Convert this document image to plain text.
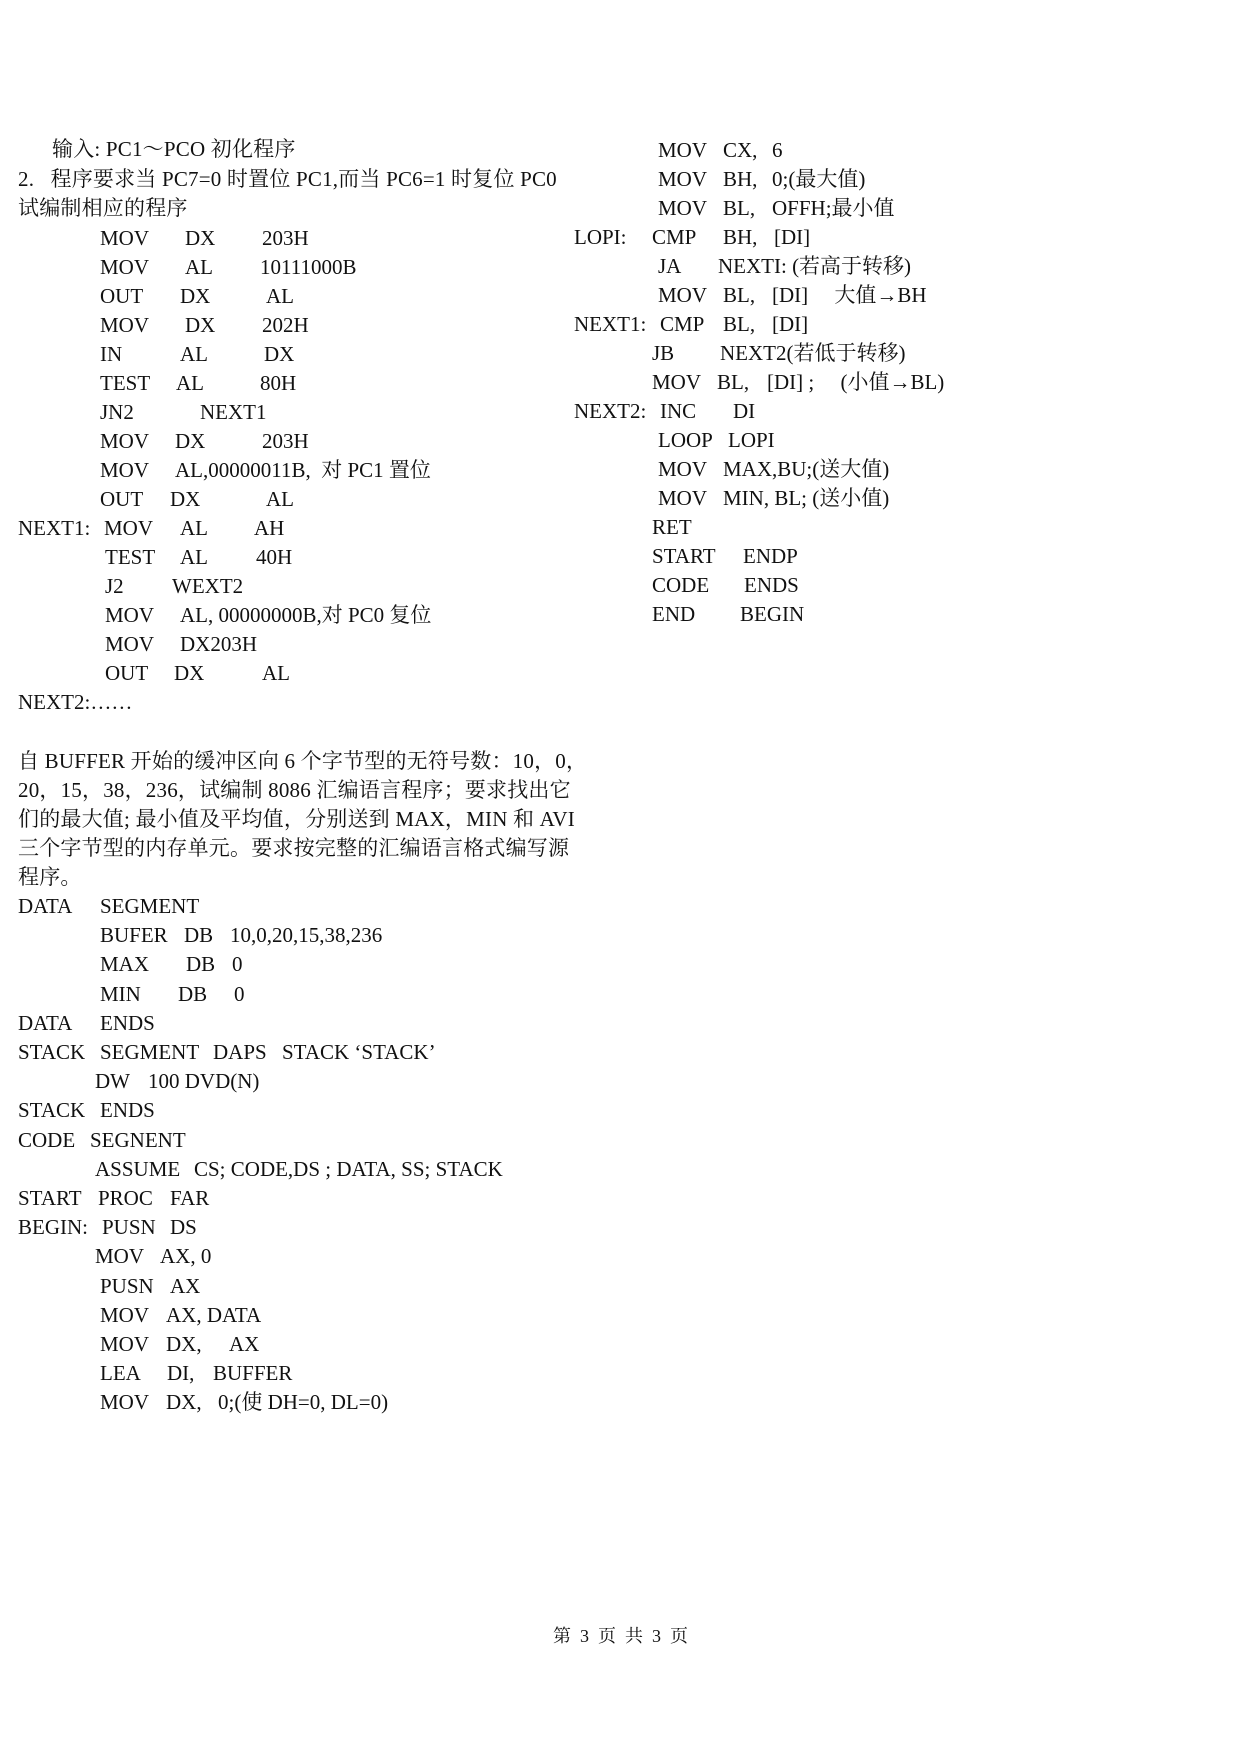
输入: PC1～PCO 初化程序
2.   程序要求当 PC7=0 时置位 PC1,而当 PC6=1 时复位 PC0
试编制相应的程序
MOV DX 203H
MOV AL 10111000B
OUT DX	AL
MOV DX 202H
IN	AL	DX
TEST AL	80H
JN2	NEXT1
MOV DX	203H
MOV AL,00000011B,  对 PC1 置位
OUT DX	AL
NEXT1: MOV AL AH
TEST AL 40H
J2 WEXT2
MOV AL, 00000000B,对 PC0 复位
MOV DX203H
OUT DX	AL
NEXT2:……
自 BUFFER 开始的缓冲区向 6 个字节型的无符号数：10，0，
20，15，38，236，试编制 8086 汇编语言程序；要求找出它
们的最大值; 最小值及平均值，分别送到 MAX，MIN 和 AVI
三个字节型的内存单元。要求按完整的汇编语言格式编写源
程序。
DATA SEGMENT
BUFER DB 10,0,20,15,38,236
MAX DB 0
MIN DB 0
DATA ENDS
STACK SEGMENT DAPS STACK ‘STACK’
DW 100 DVD(N)
STACK ENDS
CODE SEGNENT
ASSUME CS; CODE,DS ; DATA, SS; STACK
START PROC FAR
BEGIN: PUSN DS
MOV AX, 0
PUSN AX
MOV AX, DATA
MOV DX, AX
LEA DI, BUFFER
MOV DX, 0;(使 DH=0, DL=0)
MOV CX, 6
MOV BH, 0;(最大值)
MOV BL, OFFH;最小值
LOPI: CMP BH, [DI]
JA NEXTI: (若高于转移)
MOV BL, [DI]     大值→BH
NEXT1: CMP BL, [DI]
JB NEXT2(若低于转移)
MOV BL, [DI] ;     (小值→BL)
NEXT2: INC DI
LOOP LOPI
MOV MAX,BU;(送大值)
MOV MIN, BL; (送小值)
RET
START ENDP
CODE ENDS
END BEGIN
第  3  页  共  3  页
